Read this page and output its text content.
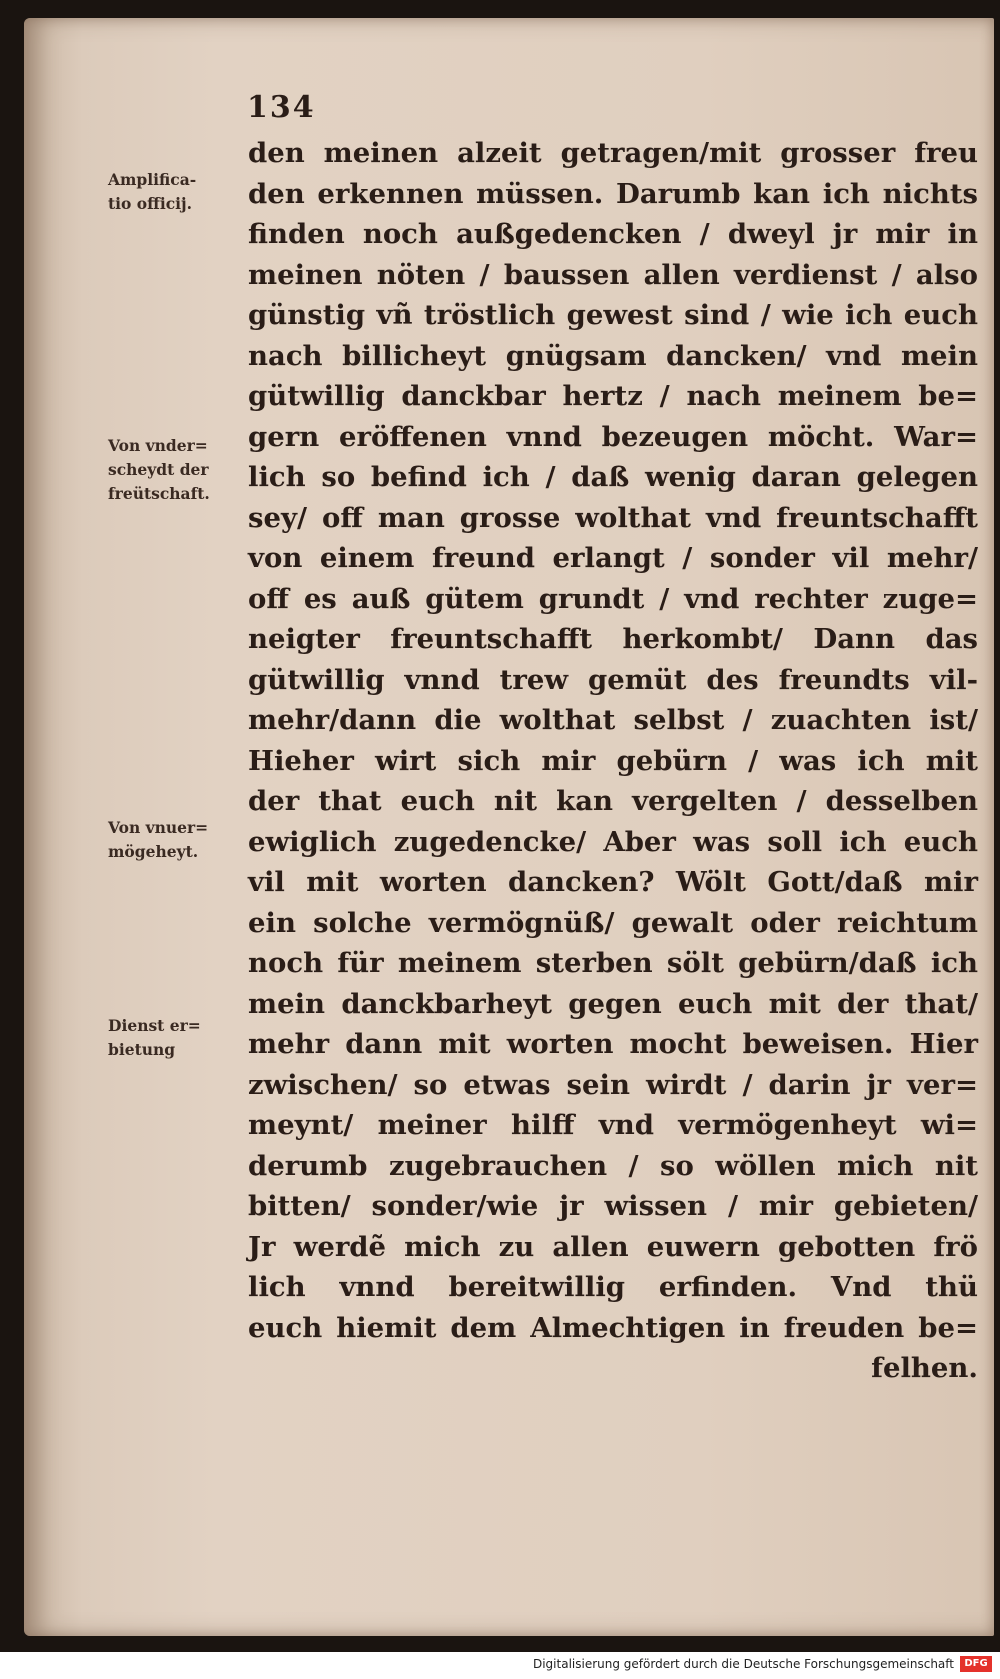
134
den meinen alzeit getragen/mit grosser freu
den erkennen müssen. Darumb kan ich nichts
finden noch außgedencken / dweyl jr mir in
meinen nöten / baussen allen verdienst / also
günstig vñ tröstlich gewest sind / wie ich euch
nach billicheyt gnügsam dancken/ vnd mein
gütwillig danckbar hertz / nach meinem be=
gern eröffenen vnnd bezeugen möcht. War=
lich so befind ich / daß wenig daran gelegen
sey/ off man grosse wolthat vnd freuntschafft
von einem freund erlangt / sonder vil mehr/
off es auß gütem grundt / vnd rechter zuge=
neigter freuntschafft herkombt/ Dann das
gütwillig vnnd trew gemüt des freundts vil-
mehr/dann die wolthat selbst / zuachten ist/
Hieher wirt sich mir gebürn / was ich mit
der that euch nit kan vergelten / desselben
ewiglich zugedencke/ Aber was soll ich euch
vil mit worten dancken? Wölt Gott/daß mir
ein solche vermögnüß/ gewalt oder reichtum
noch für meinem sterben sölt gebürn/daß ich
mein danckbarheyt gegen euch mit der that/
mehr dann mit worten mocht beweisen. Hier
zwischen/ so etwas sein wirdt / darin jr ver=
meynt/ meiner hilff vnd vermögenheyt wi=
derumb zugebrauchen / so wöllen mich nit
bitten/ sonder/wie jr wissen / mir gebieten/
Jr werdẽ mich zu allen euwern gebotten frö
lich vnnd bereitwillig erfinden. Vnd thü
euch hiemit dem Almechtigen in freuden be=
felhen.
Amplifica-
tio officij.
Von vnder=
scheydt der
freütschaft.
Von vnuer=
mögeheyt.
Dienst er=
bietung
Digitalisierung gefördert durch die Deutsche Forschungsgemeinschaft	DFG
